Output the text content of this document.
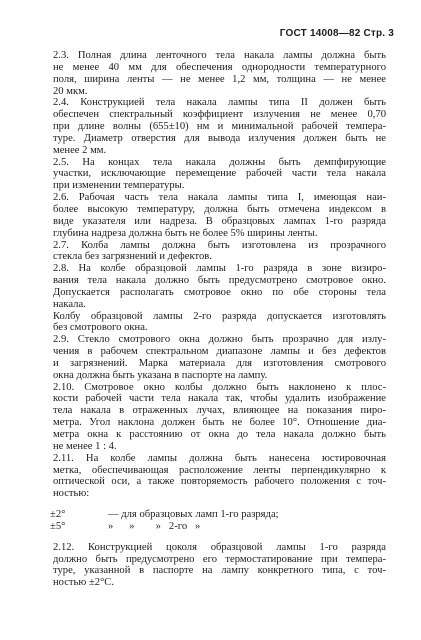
ГОСТ 14008—82 Стр. 3
2.3. Полная длина ленточного тела накала лампы должна быть
не менее 40 мм для обеспечения однородности температурного
поля, ширина ленты — не менее 1,2 мм, толщина — не менее
20 мкм.
2.4. Конструкцией тела накала лампы типа II должен быть
обеспечен спектральный коэффициент излучения не менее 0,70
при длине волны (655±10) нм и минимальной рабочей темпера-
туре. Диаметр отверстия для вывода излучения должен быть не
менее 2 мм.
2.5. На концах тела накала должны быть демпфирующие
участки, исключающие перемещение рабочей части тела накала
при изменении температуры.
2.6. Рабочая часть тела накала лампы типа I, имеющая наи-
более высокую температуру, должна быть отмечена индексом в
виде указателя или надреза. В образцовых лампах 1-го разряда
глубина надреза должна быть не более 5% ширины ленты.
2.7. Колба лампы должна быть изготовлена из прозрачного
стекла без загрязнений и дефектов.
2.8. На колбе образцовой лампы 1-го разряда в зоне визиро-
вания тела накала должно быть предусмотрено смотровое окно.
Допускается располагать смотровое окно по обе стороны тела
накала.
Колбу образцовой лампы 2-го разряда допускается изготовлять
без смотрового окна.
2.9. Стекло смотрового окна должно быть прозрачно для излу-
чения в рабочем спектральном диапазоне лампы и без дефектов
и загрязнений. Марка материала для изготовления смотрового
окна должна быть указана в паспорте на лампу.
2.10. Смотровое окно колбы должно быть наклонено к плос-
кости рабочей части тела накала так, чтобы удалить изображение
тела накала в отраженных лучах, влияющее на показания пиро-
метра. Угол наклона должен быть не более 10°. Отношение диа-
метра окна к расстоянию от окна до тела накала должно быть
не менее 1 : 4.
2.11. На колбе лампы должна быть нанесена юстировочная
метка, обеспечивающая расположение ленты перпендикулярно к
оптической оси, а также повторяемость рабочего положения с точ-
ностью:
±2°	— для образцовых ламп 1-го разряда;
±5°	»      »        »   2-го   »
2.12. Конструкцией цоколя образцовой лампы 1-го разряда
должно быть предусмотрено его термостатирование при темпера-
туре, указанной в паспорте на лампу конкретного типа, с точ-
ностью ±2°С.
